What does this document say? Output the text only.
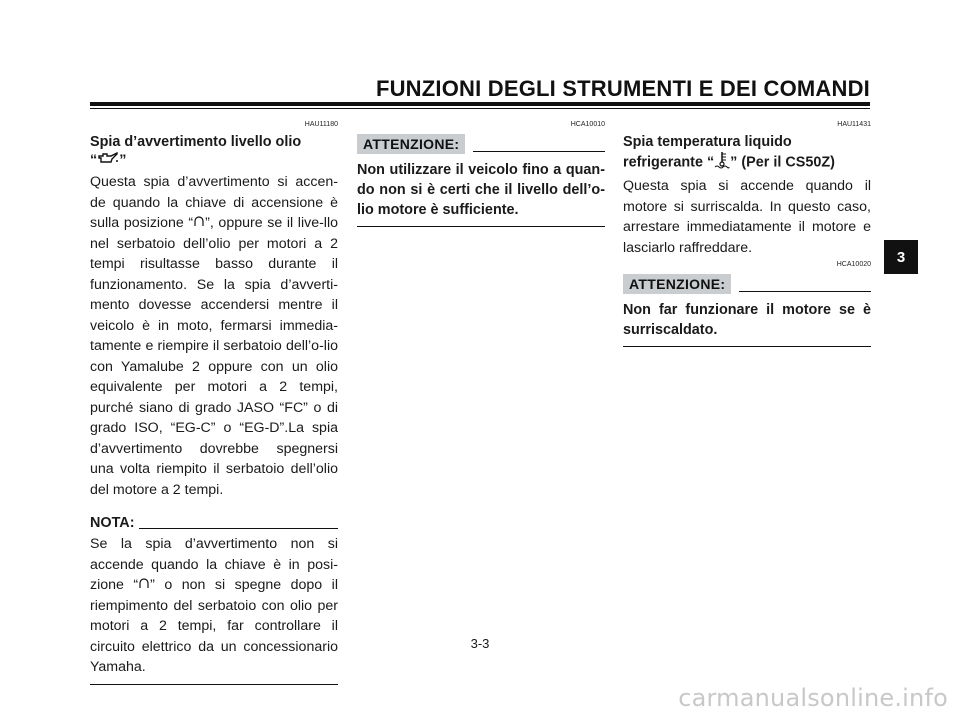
FUNZIONI DEGLI STRUMENTI E DEI COMANDI
3
HAU11180
Spia d’avvertimento livello olio
“ ”
Questa spia d’avvertimento si accen-de quando la chiave di accensione è sulla posizione “ ”, oppure se il live-llo nel serbatoio dell’olio per motori a 2 tempi risultasse basso durante il funzionamento. Se la spia d’avverti-mento dovesse accendersi mentre il veicolo è in moto, fermarsi immedia-tamente e riempire il serbatoio dell’o-lio con Yamalube 2 oppure con un olio equivalente per motori a 2 tempi, purché siano di grado JASO “FC” o di grado ISO, “EG-C” o “EG-D”.La spia d’avvertimento dovrebbe spegnersi una volta riempito il serbatoio dell’olio del motore a 2 tempi.
NOTA:
Se la spia d’avvertimento non si accende quando la chiave è in posi-zione “ ” o non si spegne dopo il riempimento del serbatoio con olio per motori a 2 tempi, far controllare il circuito elettrico da un concessionario Yamaha.
HCA10010
ATTENZIONE:
Non utilizzare il veicolo fino a quan-do non si è certi che il livello dell’o-lio motore è sufficiente.
HAU11431
Spia temperatura liquido
refrigerante “ ” (Per il CS50Z)
Questa spia si accende quando il motore si surriscalda. In questo caso, arrestare immediatamente il motore e lasciarlo raffreddare.
HCA10020
ATTENZIONE:
Non far funzionare il motore se è surriscaldato.
3-3
carmanualsonline.info
